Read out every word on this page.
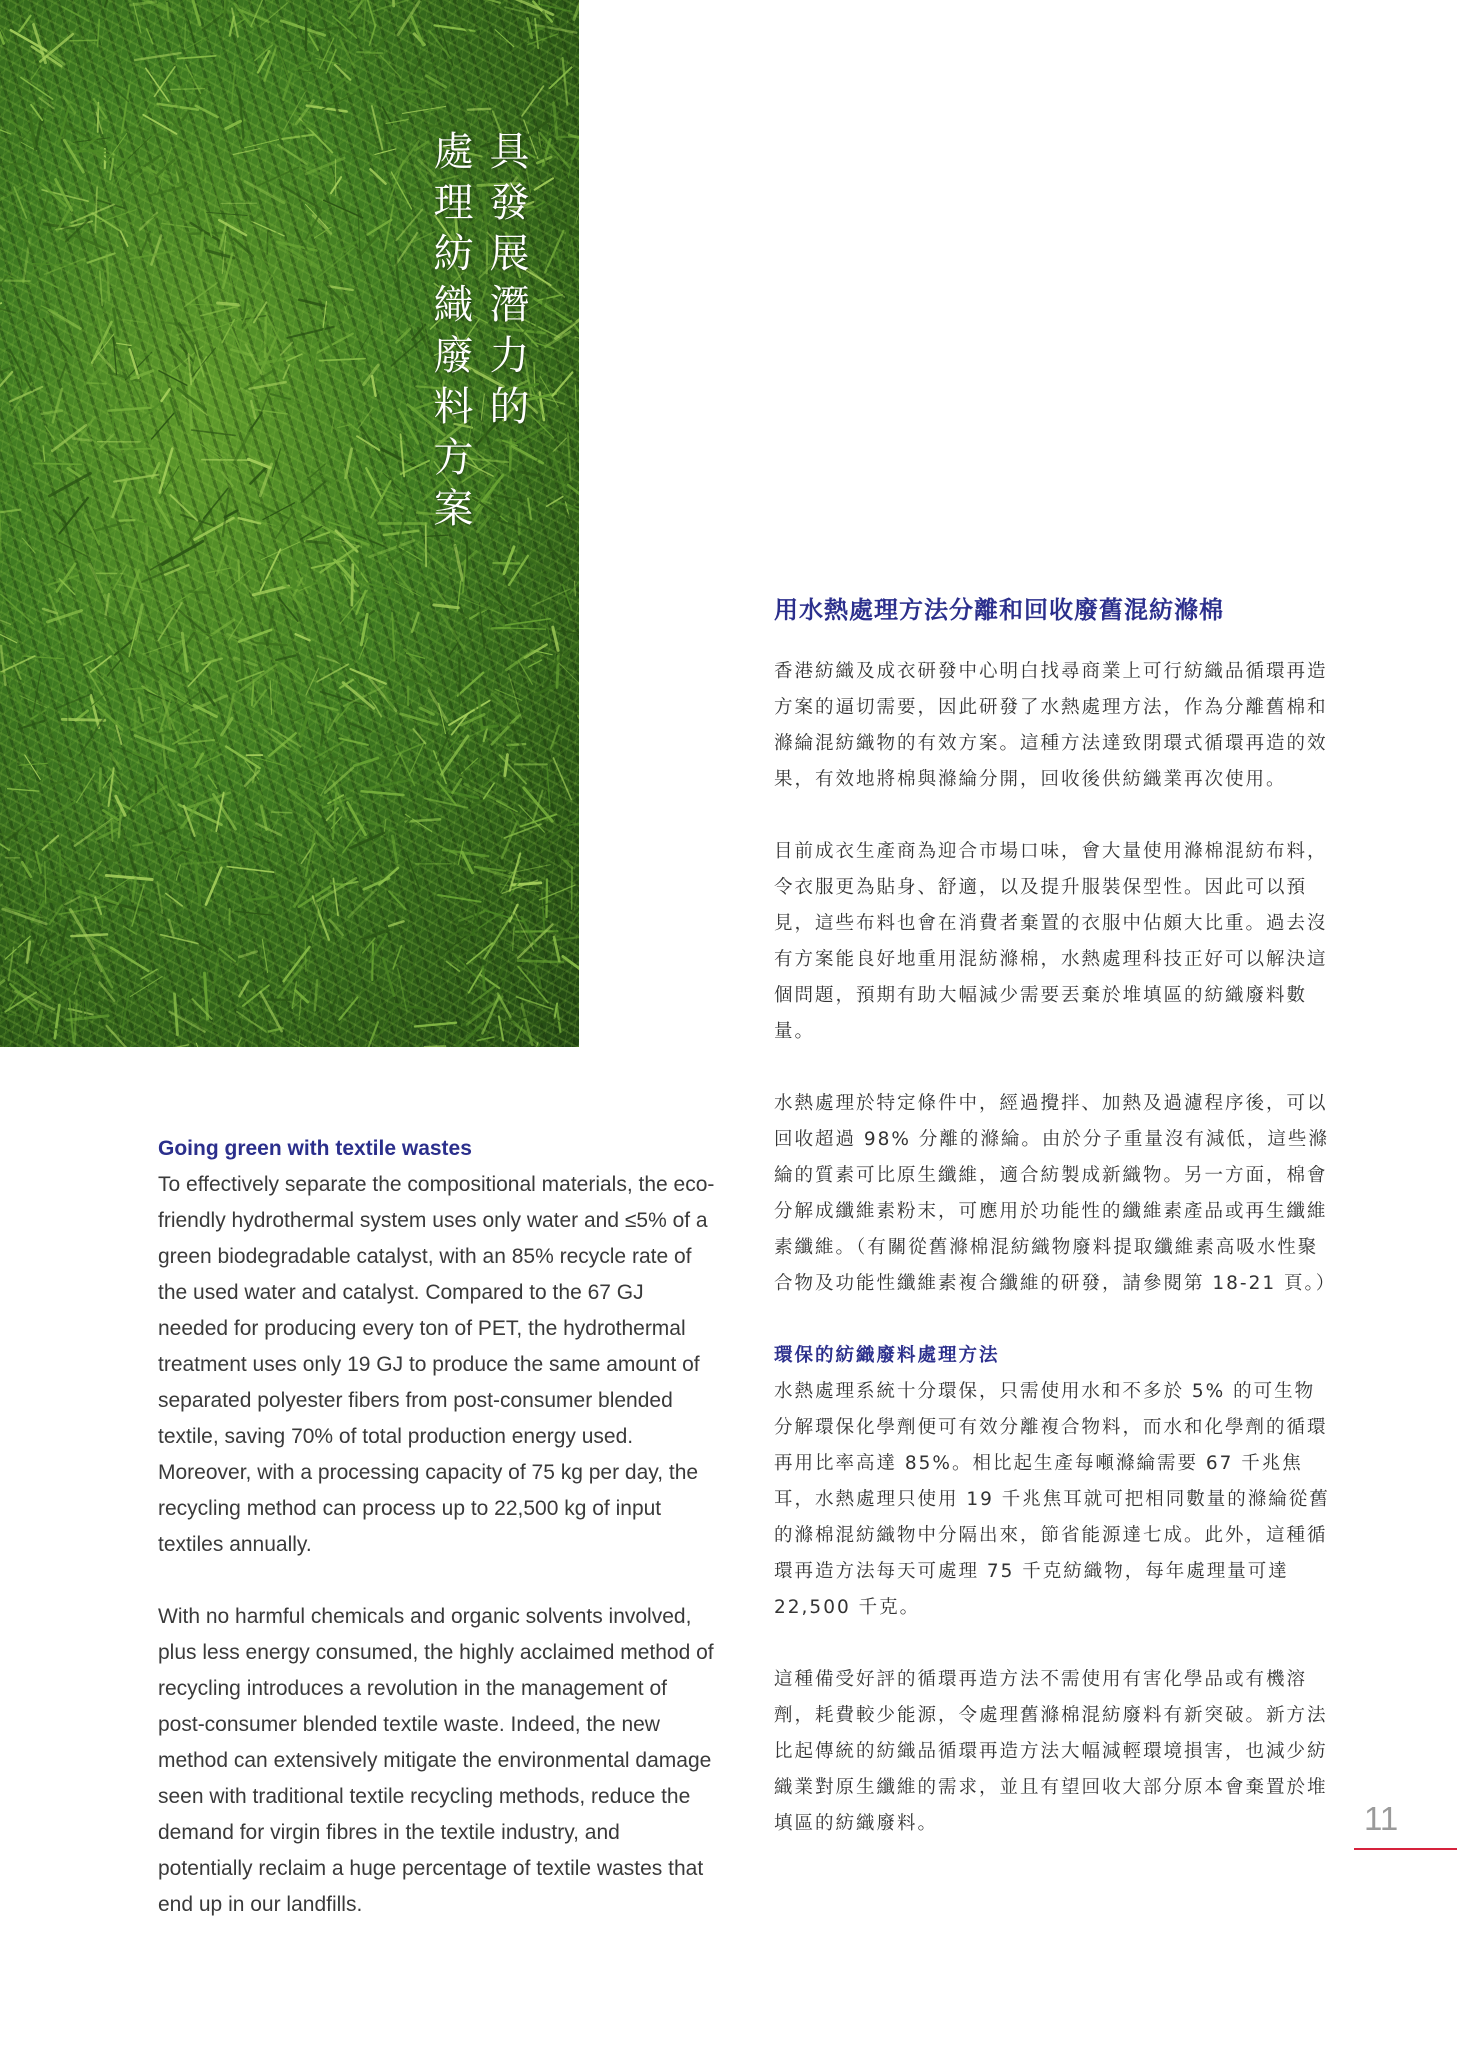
具發展潛力的
處理紡織廢料方案
Going green with textile wastes

To effectively separate the compositional materials, the eco-friendly hydrothermal system uses only water and ≤5% of a green biodegradable catalyst, with an 85% recycle rate of the used water and catalyst. Compared to the 67 GJ needed for producing every ton of PET, the hydrothermal treatment uses only 19 GJ to produce the same amount of separated polyester fibers from post-consumer blended textile, saving 70% of total production energy used. Moreover, with a processing capacity of 75 kg per day, the recycling method can process up to 22,500 kg of input textiles annually.

With no harmful chemicals and organic solvents involved, plus less energy consumed, the highly acclaimed method of recycling introduces a revolution in the management of post-consumer blended textile waste. Indeed, the new method can extensively mitigate the environmental damage seen with traditional textile recycling methods, reduce the demand for virgin fibres in the textile industry, and potentially reclaim a huge percentage of textile wastes that end up in our landfills.

用水熱處理方法分離和回收廢舊混紡滌棉

香港紡織及成衣研發中心明白找尋商業上可行紡織品循環再造方案的逼切需要，因此研發了水熱處理方法，作為分離舊棉和滌綸混紡織物的有效方案。這種方法達致閉環式循環再造的效果，有效地將棉與滌綸分開，回收後供紡織業再次使用。

目前成衣生產商為迎合市場口味，會大量使用滌棉混紡布料，令衣服更為貼身、舒適，以及提升服裝保型性。因此可以預見，這些布料也會在消費者棄置的衣服中佔頗大比重。過去沒有方案能良好地重用混紡滌棉，水熱處理科技正好可以解決這個問題，預期有助大幅減少需要丟棄於堆填區的紡織廢料數量。

水熱處理於特定條件中，經過攪拌、加熱及過濾程序後，可以回收超過 98% 分離的滌綸。由於分子重量沒有減低，這些滌綸的質素可比原生纖維，適合紡製成新織物。另一方面，棉會分解成纖維素粉末，可應用於功能性的纖維素產品或再生纖維素纖維。（有關從舊滌棉混紡織物廢料提取纖維素高吸水性聚合物及功能性纖維素複合纖維的研發，請參閱第 18-21 頁。）

環保的紡織廢料處理方法

水熱處理系統十分環保，只需使用水和不多於 5% 的可生物分解環保化學劑便可有效分離複合物料，而水和化學劑的循環再用比率高達 85%。相比起生產每噸滌綸需要 67 千兆焦耳，水熱處理只使用 19 千兆焦耳就可把相同數量的滌綸從舊的滌棉混紡織物中分隔出來，節省能源達七成。此外，這種循環再造方法每天可處理 75 千克紡織物，每年處理量可達 22,500 千克。

這種備受好評的循環再造方法不需使用有害化學品或有機溶劑，耗費較少能源，令處理舊滌棉混紡廢料有新突破。新方法比起傳統的紡織品循環再造方法大幅減輕環境損害，也減少紡織業對原生纖維的需求，並且有望回收大部分原本會棄置於堆填區的紡織廢料。	11
